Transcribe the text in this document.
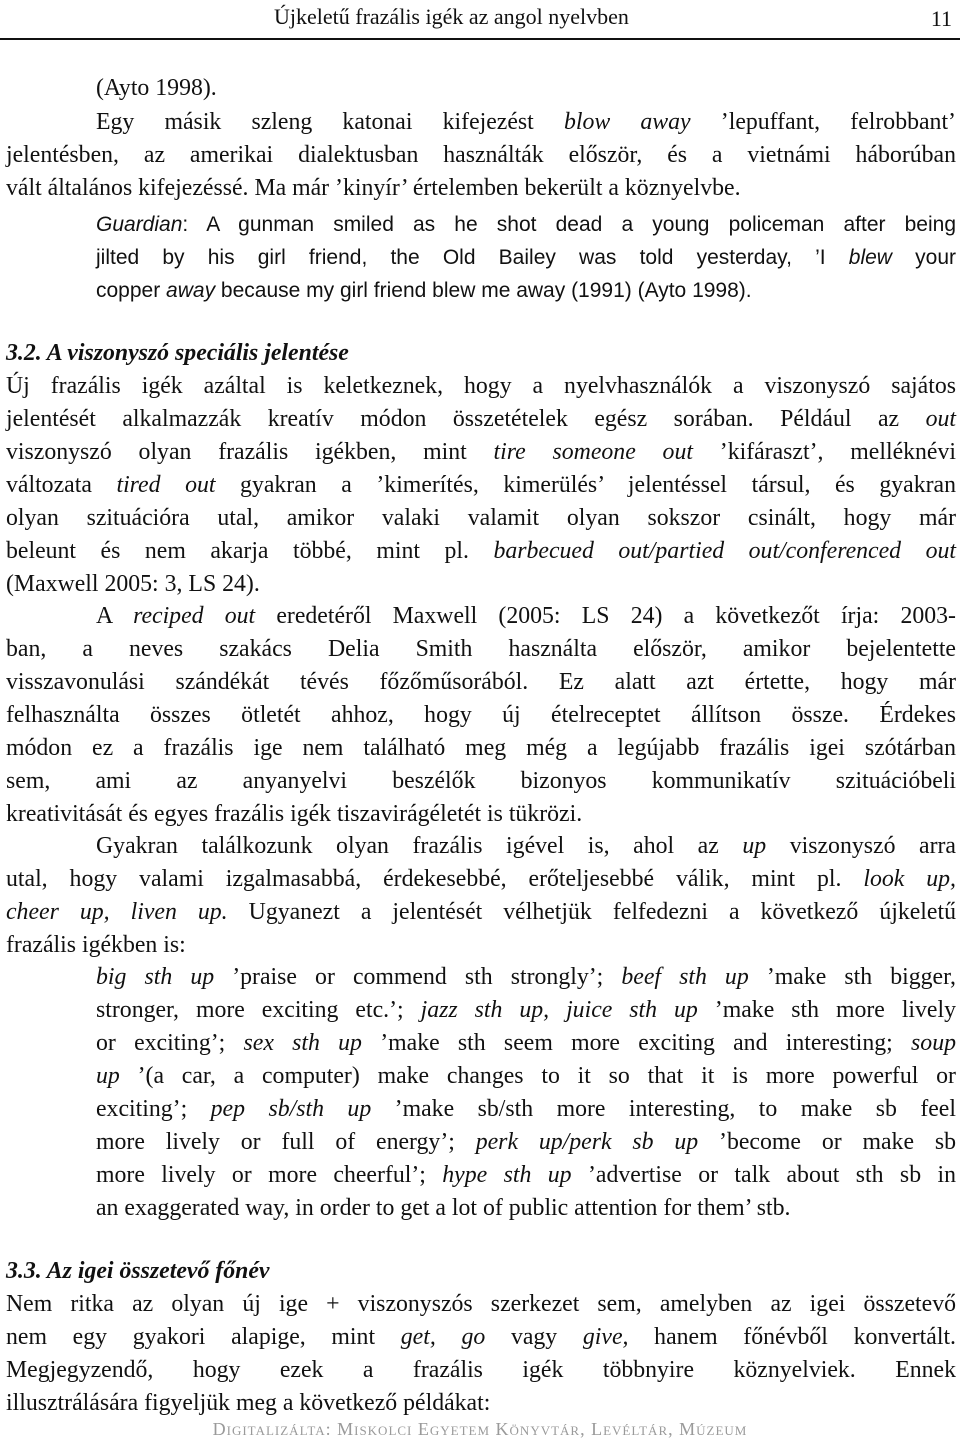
Újkeletű frazális igék az angol nyelvben	11
(Ayto 1998).
Egy másik szleng katonai kifejezést blow away ’lepuffant, felrobbant’
jelentésben, az amerikai dialektusban használták először, és a vietnámi háborúban
vált általános kifejezéssé. Ma már ’kinyír’ értelemben bekerült a köznyelvbe.
Guardian: A gunman smiled as he shot dead a young policeman after being
jilted by his girl friend, the Old Bailey was told yesterday, ’I blew your
copper away because my girl friend blew me away (1991) (Ayto 1998).
3.2. A viszonyszó speciális jelentése
Új frazális igék azáltal is keletkeznek, hogy a nyelvhasználók a viszonyszó sajátos
jelentését alkalmazzák kreatív módon összetételek egész sorában. Például az out
viszonyszó olyan frazális igékben, mint tire someone out ’kifáraszt’, melléknévi
változata tired out gyakran a ’kimerítés, kimerülés’ jelentéssel társul, és gyakran
olyan szituációra utal, amikor valaki valamit olyan sokszor csinált, hogy már
beleunt és nem akarja többé, mint pl. barbecued out/partied out/conferenced out
(Maxwell 2005: 3, LS 24).
A reciped out eredetéről Maxwell (2005: LS 24) a következőt írja: 2003-
ban, a neves szakács Delia Smith használta először, amikor bejelentette
visszavonulási szándékát tévés főzőműsorából. Ez alatt azt értette, hogy már
felhasználta összes ötletét ahhoz, hogy új ételreceptet állítson össze. Érdekes
módon ez a frazális ige nem található meg még a legújabb frazális igei szótárban
sem, ami az anyanyelvi beszélők bizonyos kommunikatív szituációbeli
kreativitását és egyes frazális igék tiszavirágéletét is tükrözi.
Gyakran találkozunk olyan frazális igével is, ahol az up viszonyszó arra
utal, hogy valami izgalmasabbá, érdekesebbé, erőteljesebbé válik, mint pl. look up,
cheer up, liven up. Ugyanezt a jelentését vélhetjük felfedezni a következő újkeletű
frazális igékben is:
big sth up ’praise or commend sth strongly’; beef sth up ’make sth bigger,
stronger, more exciting etc.’; jazz sth up, juice sth up ’make sth more lively
or exciting’; sex sth up ’make sth seem more exciting and interesting; soup
up ’(a car, a computer) make changes to it so that it is more powerful or
exciting’; pep sb/sth up ’make sb/sth more interesting, to make sb feel
more lively or full of energy’; perk up/perk sb up ’become or make sb
more lively or more cheerful’; hype sth up ’advertise or talk about sth sb in
an exaggerated way, in order to get a lot of public attention for them’ stb.
3.3. Az igei összetevő főnév
Nem ritka az olyan új ige + viszonyszós szerkezet sem, amelyben az igei összetevő
nem egy gyakori alapige, mint get, go vagy give, hanem főnévből konvertált.
Megjegyzendő, hogy ezek a frazális igék többnyire köznyelviek. Ennek
illusztrálására figyeljük meg a következő példákat:
Digitalizálta: Miskolci Egyetem Könyvtár, Levéltár, Múzeum
